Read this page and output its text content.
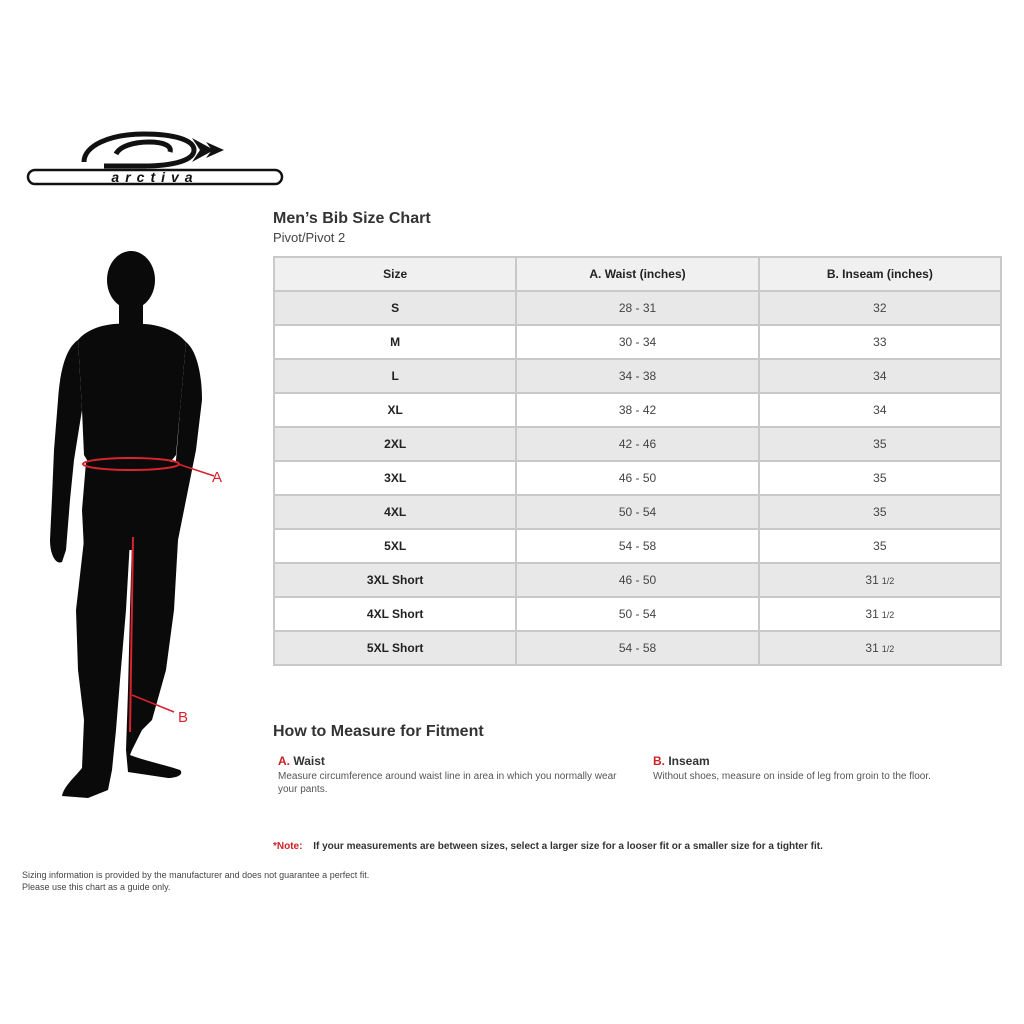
arctiva
Men’s Bib Size Chart
Pivot/Pivot 2
Size	A. Waist (inches)	B. Inseam (inches)
S	28 - 31	32
M	30 - 34	33
L	34 - 38	34
XL	38 - 42	34
2XL	42 - 46	35
3XL	46 - 50	35
4XL	50 - 54	35
5XL	54 - 58	35
3XL Short	46 - 50	31 1/2
4XL Short	50 - 54	31 1/2
5XL Short	54 - 58	31 1/2
A
B
How to Measure for Fitment
A. Waist
Measure circumference around waist line in area in which you normally wear your pants.
B. Inseam
Without shoes, measure on inside of leg from groin to the floor.
*Note: If your measurements are between sizes, select a larger size for a looser fit or a smaller size for a tighter fit.
Sizing information is provided by the manufacturer and does not guarantee a perfect fit.
Please use this chart as a guide only.
